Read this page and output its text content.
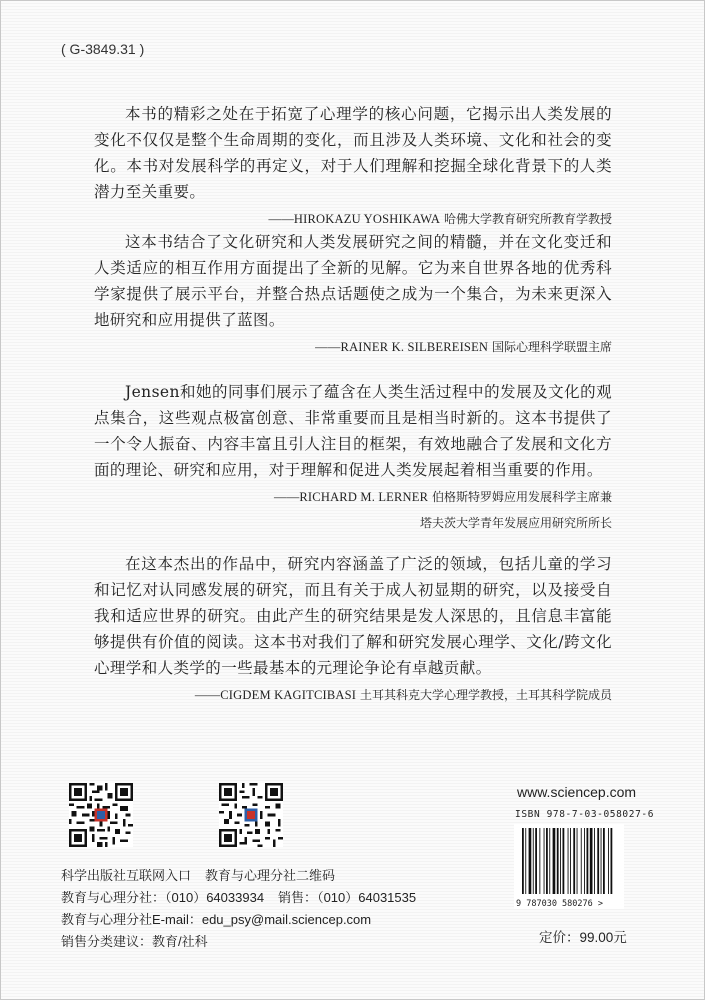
( G-3849.31 )

本书的精彩之处在于拓宽了心理学的核心问题，它揭示出人类发展的变化不仅仅是整个生命周期的变化，而且涉及人类环境、文化和社会的变化。本书对发展科学的再定义，对于人们理解和挖掘全球化背景下的人类潜力至关重要。

——HIROKAZU YOSHIKAWA 哈佛大学教育研究所教育学教授

这本书结合了文化研究和人类发展研究之间的精髓，并在文化变迁和人类适应的相互作用方面提出了全新的见解。它为来自世界各地的优秀科学家提供了展示平台，并整合热点话题使之成为一个集合，为未来更深入地研究和应用提供了蓝图。

——RAINER K. SILBEREISEN 国际心理科学联盟主席

Jensen和她的同事们展示了蕴含在人类生活过程中的发展及文化的观点集合，这些观点极富创意、非常重要而且是相当时新的。这本书提供了一个令人振奋、内容丰富且引人注目的框架，有效地融合了发展和文化方面的理论、研究和应用，对于理解和促进人类发展起着相当重要的作用。

——RICHARD M. LERNER 伯格斯特罗姆应用发展科学主席兼
塔夫茨大学青年发展应用研究所所长

在这本杰出的作品中，研究内容涵盖了广泛的领域，包括儿童的学习和记忆对认同感发展的研究，而且有关于成人初显期的研究，以及接受自我和适应世界的研究。由此产生的研究结果是发人深思的，且信息丰富能够提供有价值的阅读。这本书对我们了解和研究发展心理学、文化/跨文化心理学和人类学的一些最基本的元理论争论有卓越贡献。

——CIGDEM KAGITCIBASI 土耳其科克大学心理学教授，土耳其科学院成员
科学出版社互联网入口 教育与心理分社二维码
教育与心理分社：（010）64033934 销售：（010）64031535
教育与心理分社E-mail：edu_psy@mail.sciencep.com
销售分类建议：教育/社科
www.sciencep.com
ISBN 978-7-03-058027-6
9 787030 580276 >
定价：99.00元
